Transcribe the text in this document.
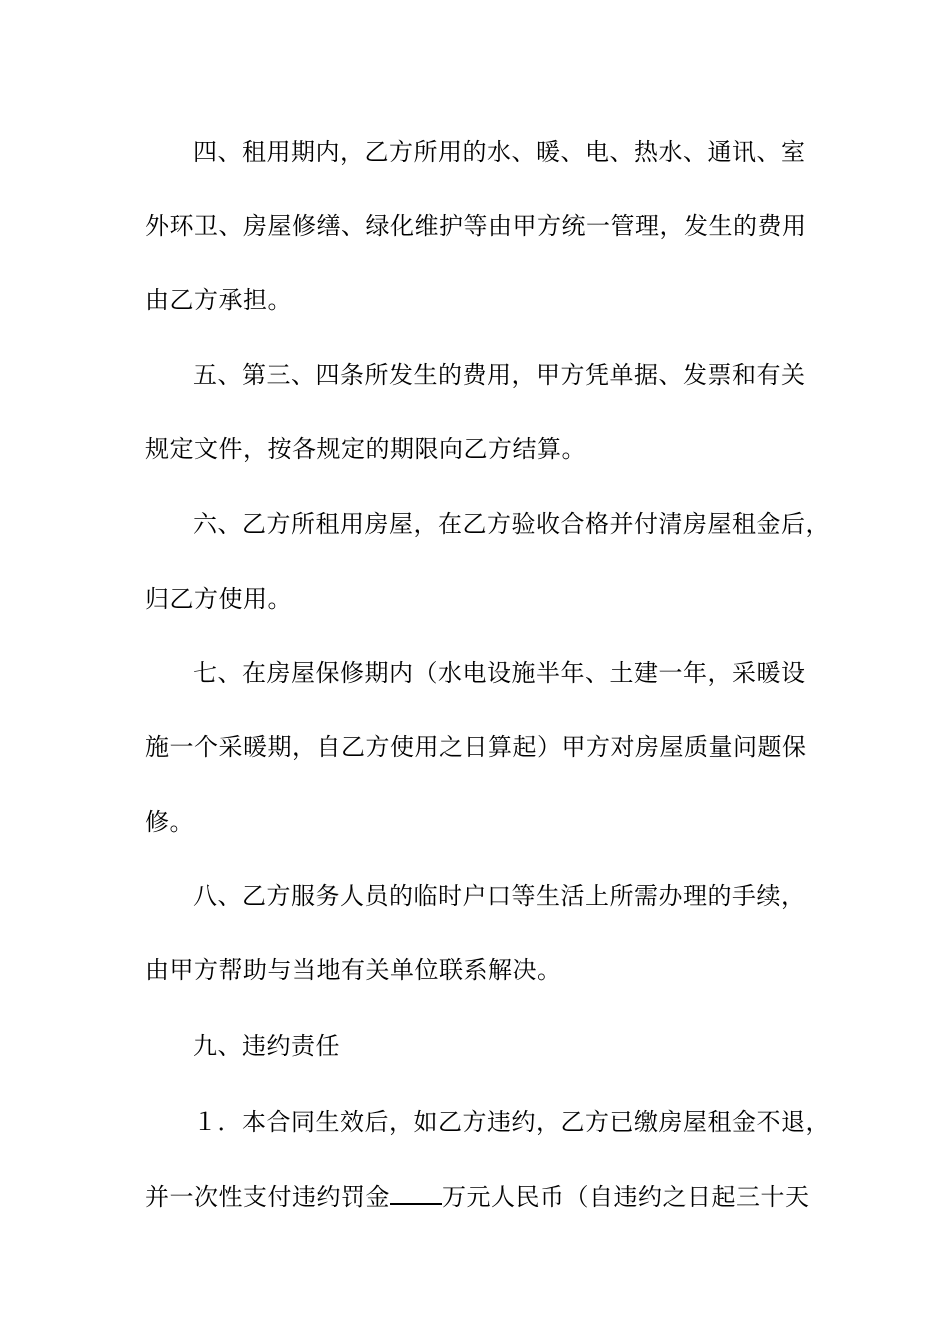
四、租用期内，乙方所用的水、暖、电、热水、通讯、室
外环卫、房屋修缮、绿化维护等由甲方统一管理，发生的费用
由乙方承担。
五、第三、四条所发生的费用，甲方凭单据、发票和有关
规定文件，按各规定的期限向乙方结算。
六、乙方所租用房屋，在乙方验收合格并付清房屋租金后，
归乙方使用。
七、在房屋保修期内（水电设施半年、土建一年，采暖设
施一个采暖期，自乙方使用之日算起）甲方对房屋质量问题保
修。
八、乙方服务人员的临时户口等生活上所需办理的手续，
由甲方帮助与当地有关单位联系解决。
九、违约责任
１．本合同生效后，如乙方违约，乙方已缴房屋租金不退，
并一次性支付违约罚金 万元人民币（自违约之日起三十天
